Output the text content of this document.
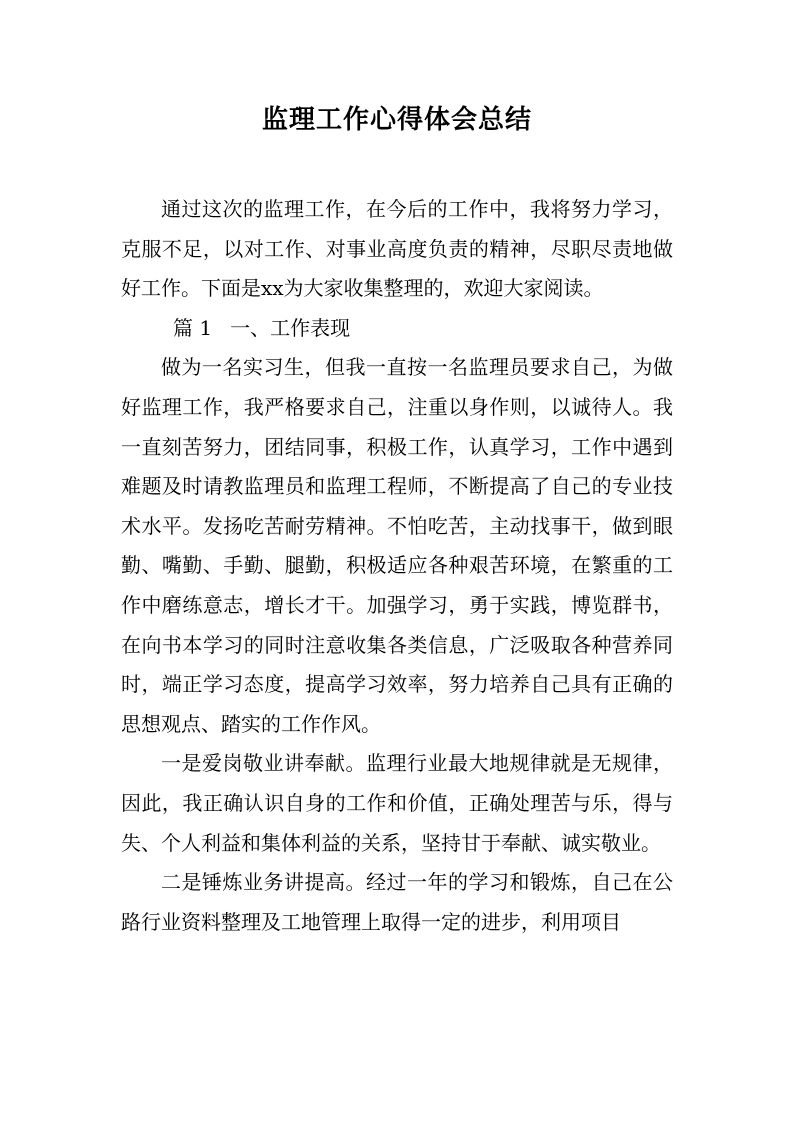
监理工作心得体会总结

通过这次的监理工作，在今后的工作中，我将努力学习，克服不足，以对工作、对事业高度负责的精神，尽职尽责地做好工作。下面是xx为大家收集整理的，欢迎大家阅读。

篇 1 一、工作表现

做为一名实习生，但我一直按一名监理员要求自己，为做好监理工作，我严格要求自己，注重以身作则，以诚待人。我一直刻苦努力，团结同事，积极工作，认真学习，工作中遇到难题及时请教监理员和监理工程师，不断提高了自己的专业技术水平。发扬吃苦耐劳精神。不怕吃苦，主动找事干，做到眼勤、嘴勤、手勤、腿勤，积极适应各种艰苦环境，在繁重的工作中磨练意志，增长才干。加强学习，勇于实践，博览群书，在向书本学习的同时注意收集各类信息，广泛吸取各种营养同时，端正学习态度，提高学习效率，努力培养自己具有正确的思想观点、踏实的工作作风。

一是爱岗敬业讲奉献。监理行业最大地规律就是无规律，因此，我正确认识自身的工作和价值，正确处理苦与乐，得与失、个人利益和集体利益的关系，坚持甘于奉献、诚实敬业。

二是锤炼业务讲提高。经过一年的学习和锻炼，自己在公路行业资料整理及工地管理上取得一定的进步，利用项目
